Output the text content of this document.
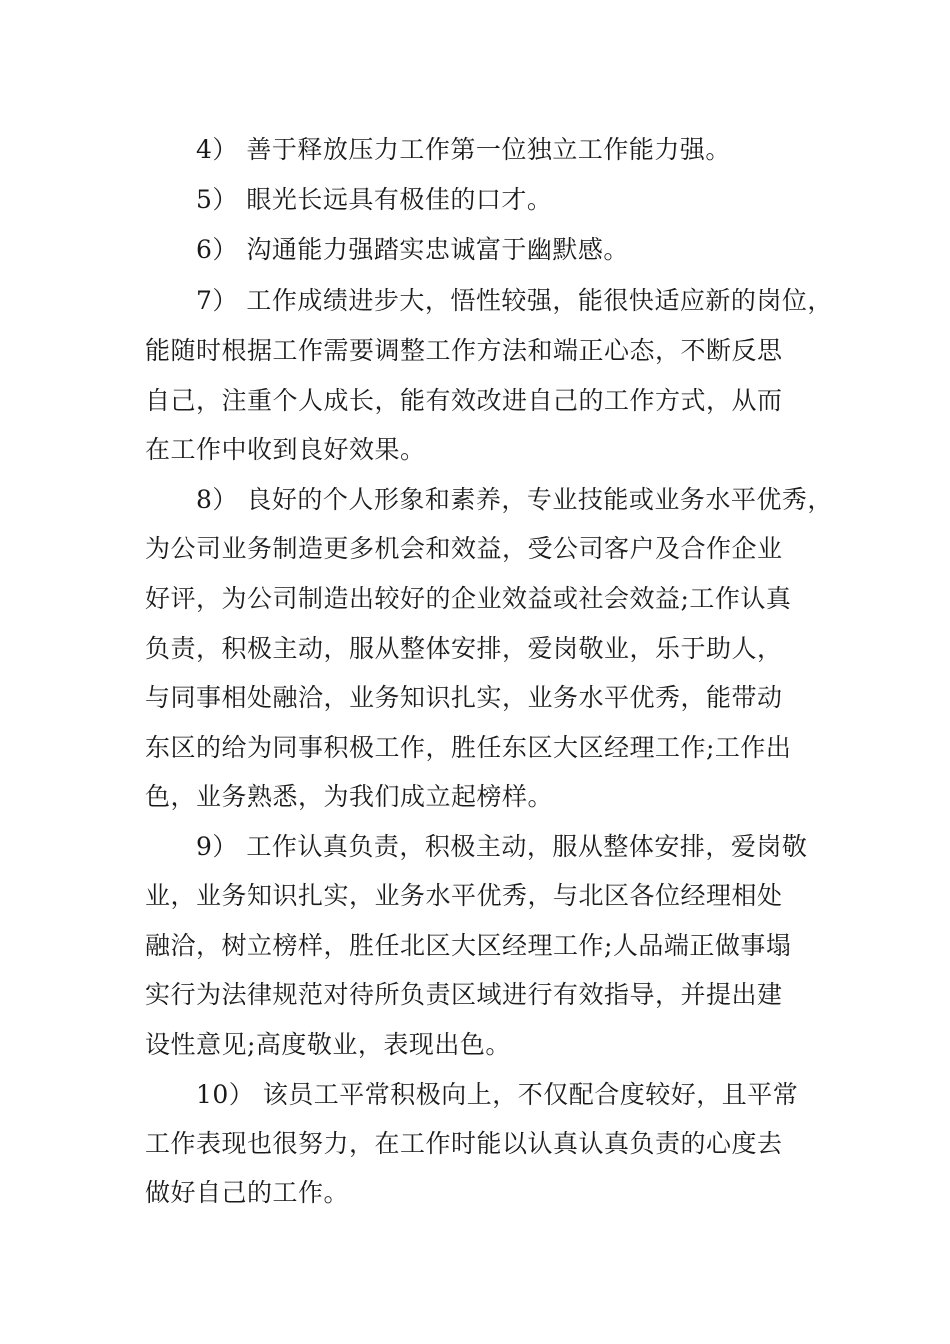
4） 善于释放压力工作第一位独立工作能力强。
5） 眼光长远具有极佳的口才。
6） 沟通能力强踏实忠诚富于幽默感。
7） 工作成绩进步大，悟性较强，能很快适应新的岗位，
能随时根据工作需要调整工作方法和端正心态，不断反思
自己，注重个人成长，能有效改进自己的工作方式，从而
在工作中收到良好效果。
8） 良好的个人形象和素养，专业技能或业务水平优秀，
为公司业务制造更多机会和效益，受公司客户及合作企业
好评，为公司制造出较好的企业效益或社会效益;工作认真
负责，积极主动，服从整体安排，爱岗敬业，乐于助人，
与同事相处融洽，业务知识扎实，业务水平优秀，能带动
东区的给为同事积极工作，胜任东区大区经理工作;工作出
色，业务熟悉，为我们成立起榜样。
9） 工作认真负责，积极主动，服从整体安排，爱岗敬
业，业务知识扎实，业务水平优秀，与北区各位经理相处
融洽，树立榜样，胜任北区大区经理工作;人品端正做事塌
实行为法律规范对待所负责区域进行有效指导，并提出建
设性意见;高度敬业，表现出色。
10） 该员工平常积极向上，不仅配合度较好，且平常
工作表现也很努力，在工作时能以认真认真负责的心度去
做好自己的工作。
